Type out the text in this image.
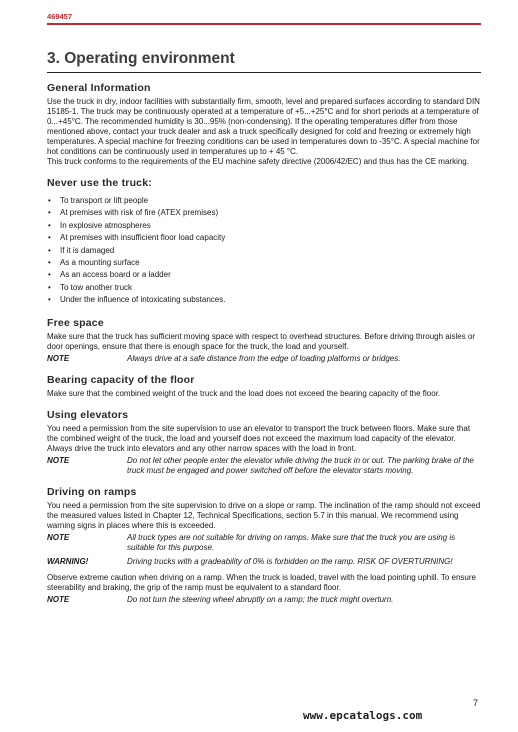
469457
3. Operating environment
General Information

Use the truck in dry, indoor facilities with substantially firm, smooth, level and prepared surfaces according to standard DIN 15185-1. The truck may be continuously operated at a temperature of +5...+25°C and for short periods at a temperature of 0...+45°C. The recommended humidity is 30...95% (non-condensing). If the operating temperatures differ from those mentioned above, contact your truck dealer and ask a truck specifically designed for cold and freezing or extremely high temperatures. A special machine for freezing conditions can be used in temperatures down to -35°C. A special machine for hot conditions can be continuously used in temperatures up to + 45 °C.

This truck conforms to the requirements of the EU machine safety directive (2006/42/EC) and thus has the CE marking.

Never use the truck:
• To transport or lift people
• At premises with risk of fire (ATEX premises)
• In explosive atmospheres
• At premises with insufficient floor load capacity
• If it is damaged
• As a mounting surface
• As an access board or a ladder
• To tow another truck
• Under the influence of intoxicating substances.
Free space

Make sure that the truck has sufficient moving space with respect to overhead structures. Before driving through aisles or door openings, ensure that there is enough space for the truck, the load and yourself.

NOTE	Always drive at a safe distance from the edge of loading platforms or bridges.
Bearing capacity of the floor

Make sure that the combined weight of the truck and the load does not exceed the bearing capacity of the floor.

Using elevators

You need a permission from the site supervision to use an elevator to transport the truck between floors. Make sure that the combined weight of the truck, the load and yourself does not exceed the maximum load capacity of the elevator. Always drive the truck into elevators and any other narrow spaces with the load in front.

NOTE	Do not let other people enter the elevator while driving the truck in or out. The parking brake of the truck must be engaged and power switched off before the elevator starts moving.
Driving on ramps

You need a permission from the site supervision to drive on a slope or ramp. The inclination of the ramp should not exceed the measured values listed in Chapter 12, Technical Specifications, section 5.7 in this manual. We recommend using warning signs in places where this is exceeded.

NOTE	All truck types are not suitable for driving on ramps. Make sure that the truck you are using is suitable for this purpose.
WARNING!	Driving trucks with a gradeability of 0% is forbidden on the ramp. RISK OF OVERTURNING!

Observe extreme caution when driving on a ramp. When the truck is loaded, travel with the load pointing uphill. To ensure steerability and braking, the grip of the ramp must be equivalent to a standard floor.

NOTE	Do not turn the steering wheel abruptly on a ramp; the truck might overturn.
7
www.epcatalogs.com
